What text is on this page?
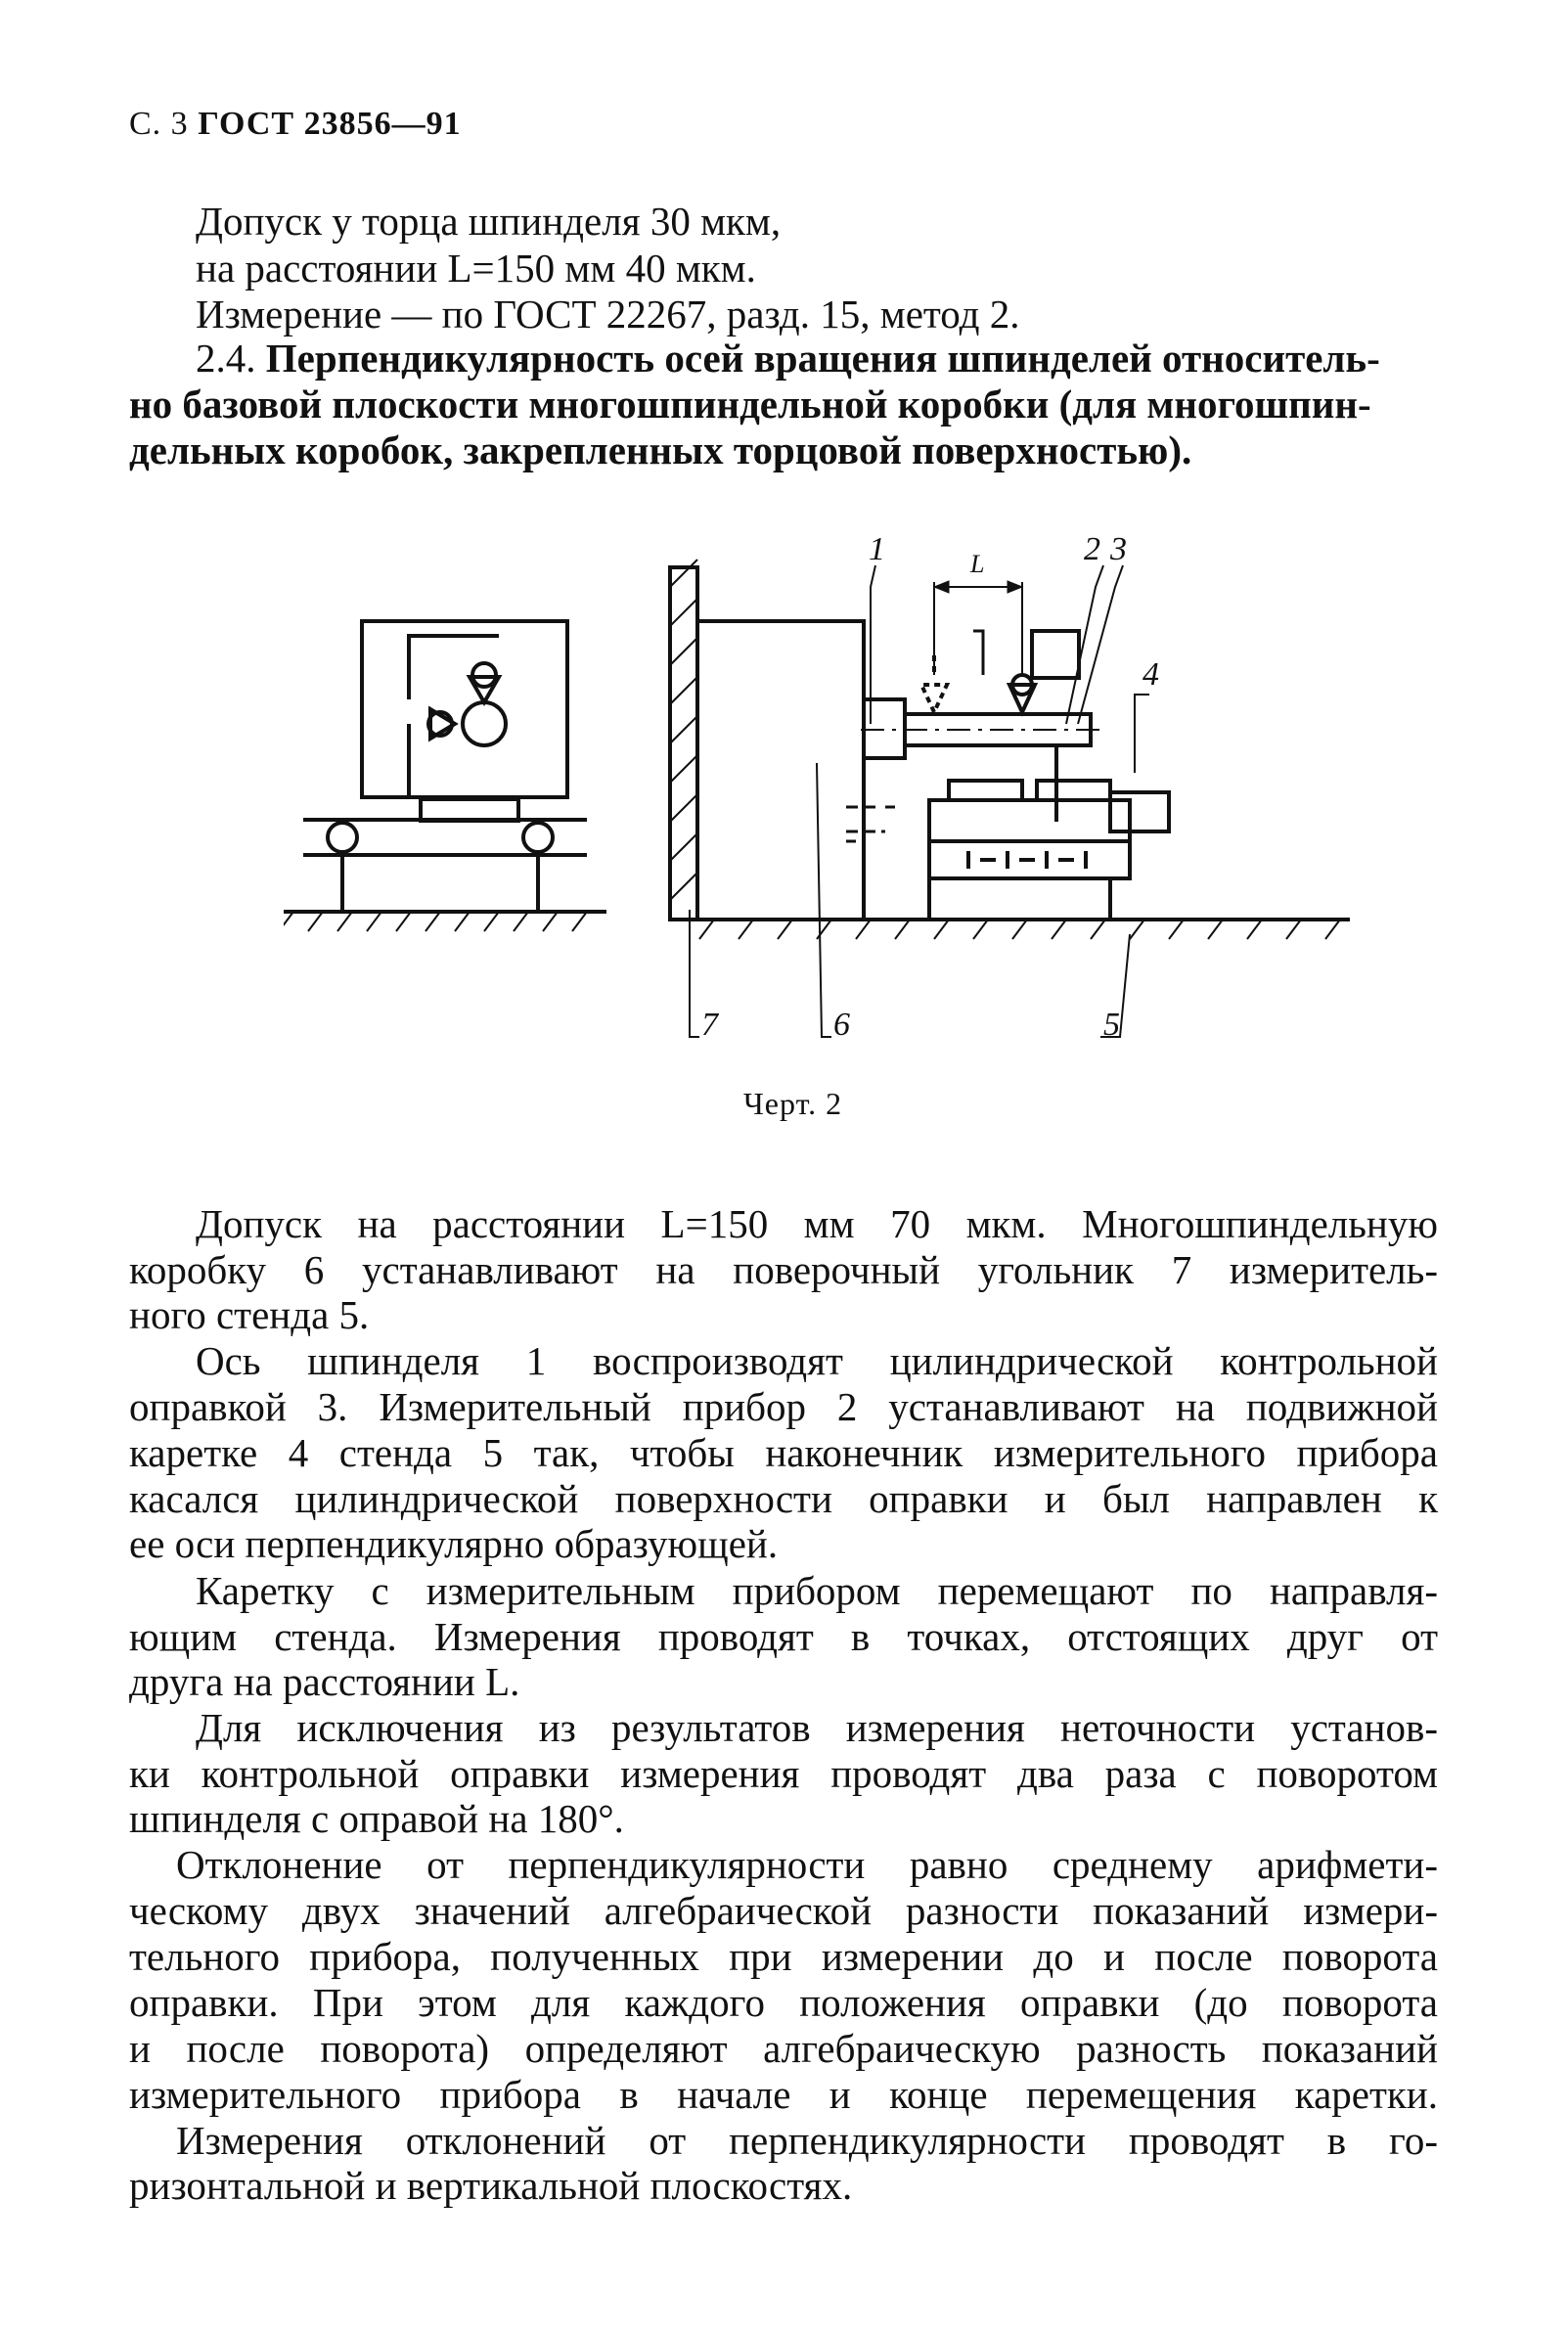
С. 3 ГОСТ 23856—91
Допуск у торца шпинделя 30 мкм,
на расстоянии L=150 мм 40 мкм.
Измерение — по ГОСТ 22267, разд. 15, метод 2.
2.4. Перпендикулярность осей вращения шпинделей относитель-
но базовой плоскости многошпиндельной коробки (для многошпин-
дельных коробок, закрепленных торцовой поверхностью).
1	2 3
4
5
6
7
L
Черт. 2
Допуск на расстоянии L=150 мм 70 мкм. Многошпиндельную
коробку 6 устанавливают на поверочный угольник 7 измеритель-
ного стенда 5.
Ось шпинделя 1 воспроизводят цилиндрической контрольной
оправкой 3. Измерительный прибор 2 устанавливают на подвижной
каретке 4 стенда 5 так, чтобы наконечник измерительного прибора
касался цилиндрической поверхности оправки и был направлен к
ее оси перпендикулярно образующей.
Каретку с измерительным прибором перемещают по направля-
ющим стенда. Измерения проводят в точках, отстоящих друг от
друга на расстоянии L.
Для исключения из результатов измерения неточности установ-
ки контрольной оправки измерения проводят два раза с поворотом
шпинделя с оправой на 180°.
Отклонение от перпендикулярности равно среднему арифмети-
ческому двух значений алгебраической разности показаний измери-
тельного прибора, полученных при измерении до и после поворота
оправки. При этом для каждого положения оправки (до поворота
и после поворота) определяют алгебраическую разность показаний
измерительного прибора в начале и конце перемещения каретки.
Измерения отклонений от перпендикулярности проводят в го-
ризонтальной и вертикальной плоскостях.
